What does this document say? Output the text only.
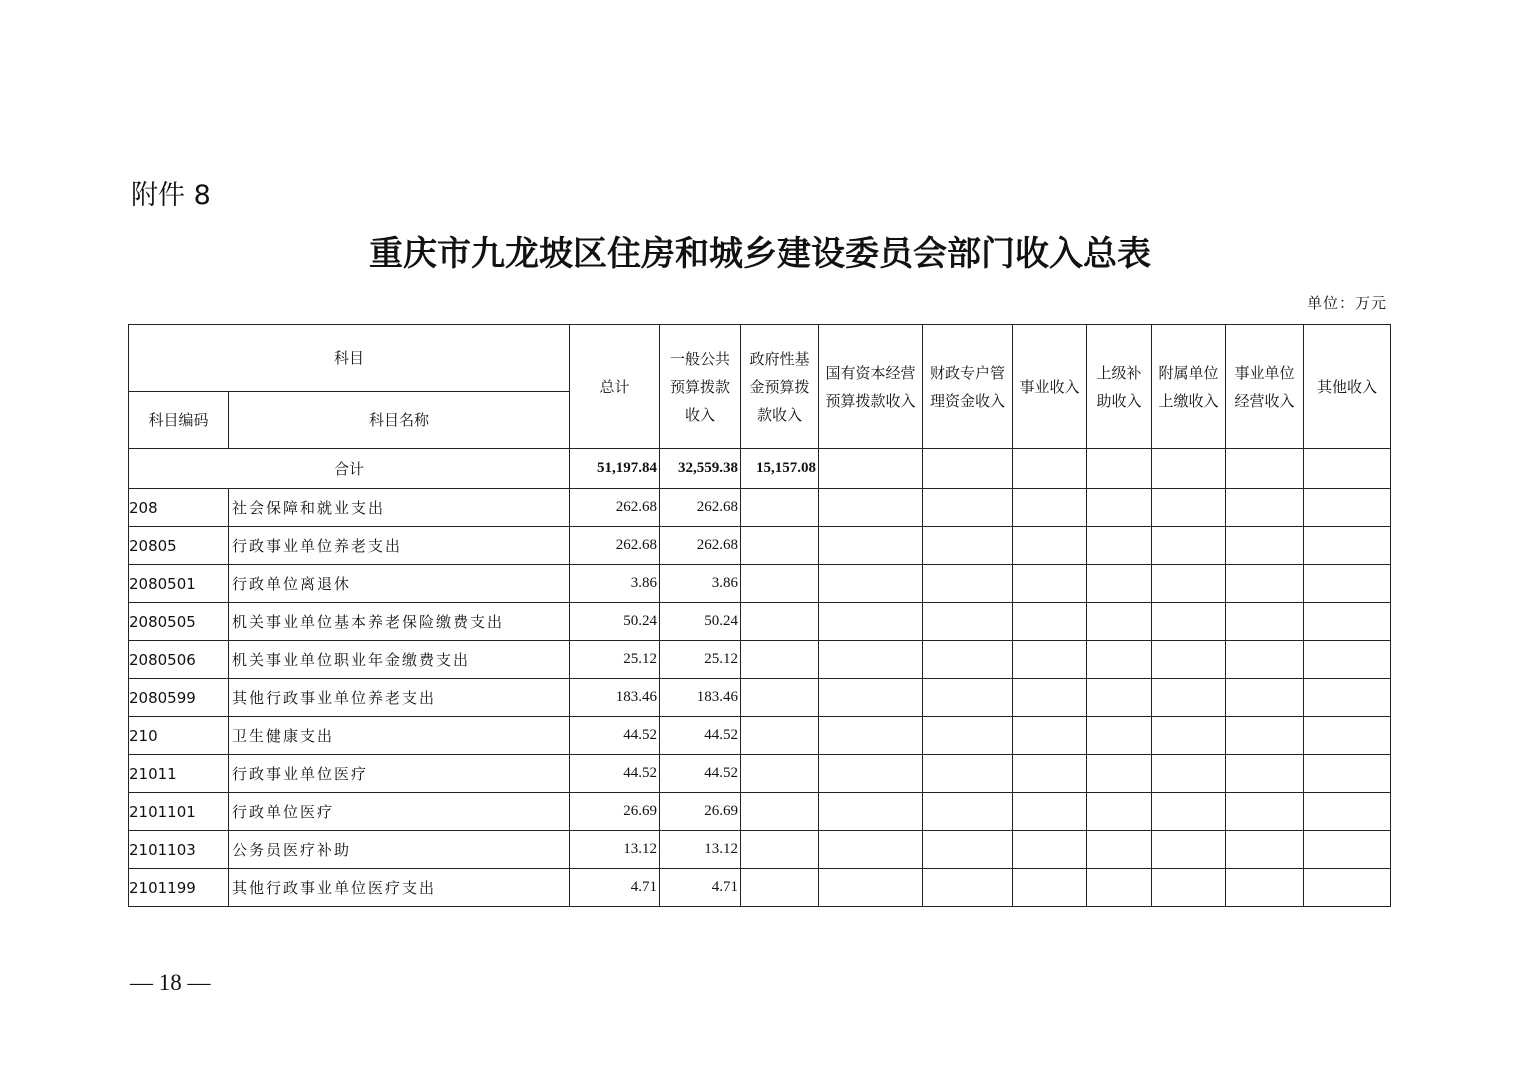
附件 8
重庆市九龙坡区住房和城乡建设委员会部门收入总表
单位：万元
科目		总计	一般公共预算拨款收入	政府性基金预算拨款收入	国有资本经营预算拨款收入	财政专户管理资金收入	事业收入	上级补助收入	附属单位上缴收入	事业单位经营收入	其他收入
科目编码	科目名称										
合计		51,197.84	32,559.38	15,157.08							
208	社会保障和就业支出	262.68	262.68								
20805	行政事业单位养老支出	262.68	262.68								
2080501	行政单位离退休	3.86	3.86								
2080505	机关事业单位基本养老保险缴费支出	50.24	50.24								
2080506	机关事业单位职业年金缴费支出	25.12	25.12								
2080599	其他行政事业单位养老支出	183.46	183.46								
210	卫生健康支出	44.52	44.52								
21011	行政事业单位医疗	44.52	44.52								
2101101	行政单位医疗	26.69	26.69								
2101103	公务员医疗补助	13.12	13.12								
2101199	其他行政事业单位医疗支出	4.71	4.71								
— 18 —
